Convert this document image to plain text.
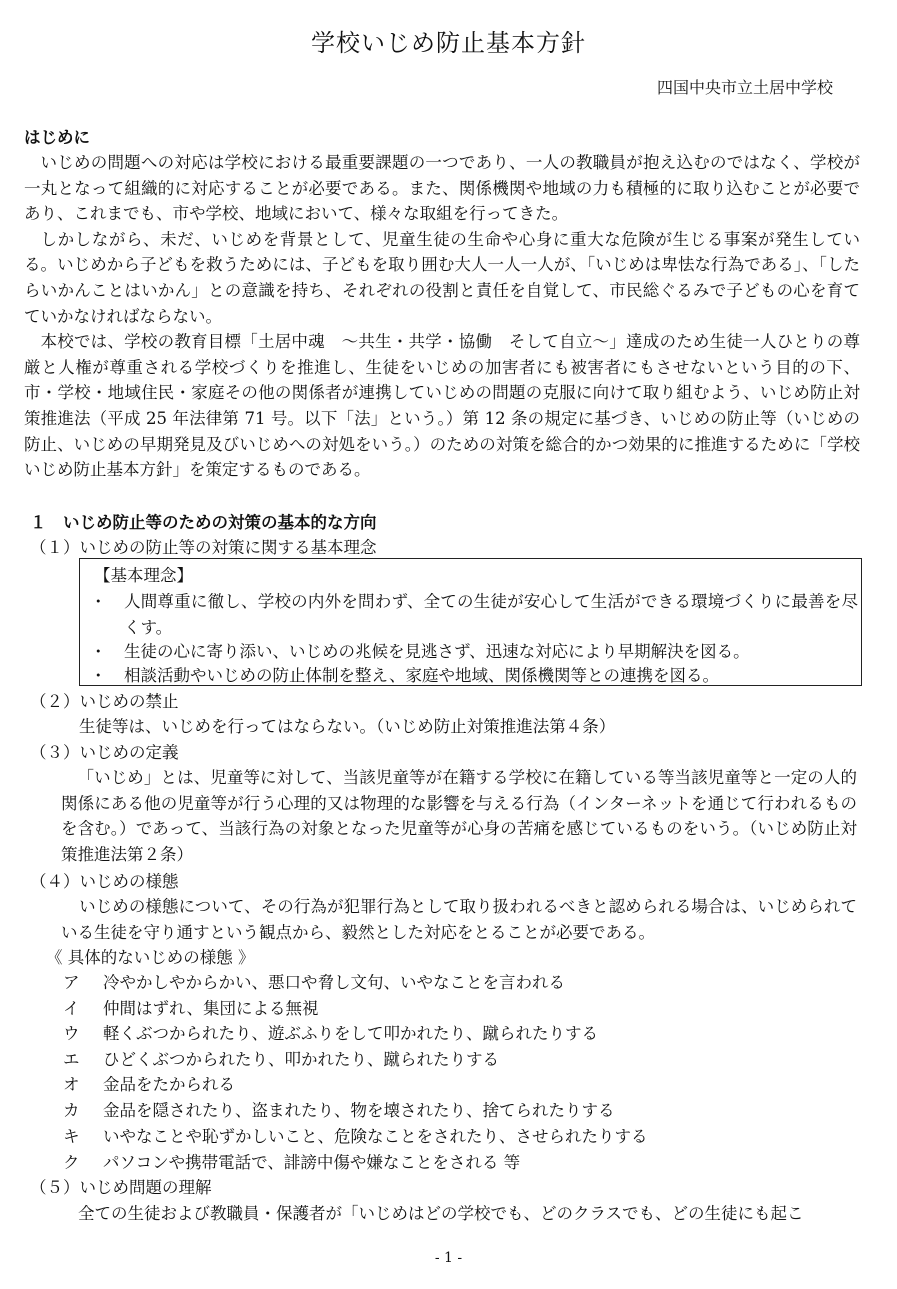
学校いじめ防止基本方針
四国中央市立土居中学校
はじめに

いじめの問題への対応は学校における最重要課題の一つであり、一人の教職員が抱え込むのではなく、学校が一丸となって組織的に対応することが必要である。また、関係機関や地域の力も積極的に取り込むことが必要であり、これまでも、市や学校、地域において、様々な取組を行ってきた。

しかしながら、未だ、いじめを背景として、児童生徒の生命や心身に重大な危険が生じる事案が発生している。いじめから子どもを救うためには、子どもを取り囲む大人一人一人が、「いじめは卑怯な行為である」、「したらいかんことはいかん」との意識を持ち、それぞれの役割と責任を自覚して、市民総ぐるみで子どもの心を育てていかなければならない。

本校では、学校の教育目標「土居中魂　～共生・共学・協働　そして自立～」達成のため生徒一人ひとりの尊厳と人権が尊重される学校づくりを推進し、生徒をいじめの加害者にも被害者にもさせないという目的の下、市・学校・地域住民・家庭その他の関係者が連携していじめの問題の克服に向けて取り組むよう、いじめ防止対策推進法（平成 25 年法律第 71 号。以下「法」という。）第 12 条の規定に基づき、いじめの防止等（いじめの防止、いじめの早期発見及びいじめへの対処をいう。）のための対策を総合的かつ効果的に推進するために「学校いじめ防止基本方針」を策定するものである。

１　いじめ防止等のための対策の基本的な方向
（１）いじめの防止等の対策に関する基本理念
【基本理念】
・	人間尊重に徹し、学校の内外を問わず、全ての生徒が安心して生活ができる環境づくりに最善を尽くす。
・	生徒の心に寄り添い、いじめの兆候を見逃さず、迅速な対応により早期解決を図る。
・	相談活動やいじめの防止体制を整え、家庭や地域、関係機関等との連携を図る。
（２）いじめの禁止
生徒等は、いじめを行ってはならない。（いじめ防止対策推進法第４条）
（３）いじめの定義

「いじめ」とは、児童等に対して、当該児童等が在籍する学校に在籍している等当該児童等と一定の人的関係にある他の児童等が行う心理的又は物理的な影響を与える行為（インターネットを通じて行われるものを含む。）であって、当該行為の対象となった児童等が心身の苦痛を感じているものをいう。（いじめ防止対策推進法第２条）

（４）いじめの様態

いじめの様態について、その行為が犯罪行為として取り扱われるべきと認められる場合は、いじめられている生徒を守り通すという観点から、毅然とした対応をとることが必要である。

《 具体的ないじめの様態 》
ア	冷やかしやからかい、悪口や脅し文句、いやなことを言われる
イ	仲間はずれ、集団による無視
ウ	軽くぶつかられたり、遊ぶふりをして叩かれたり、蹴られたりする
エ	ひどくぶつかられたり、叩かれたり、蹴られたりする
オ	金品をたかられる
カ	金品を隠されたり、盗まれたり、物を壊されたり、捨てられたりする
キ	いやなことや恥ずかしいこと、危険なことをされたり、させられたりする
ク	パソコンや携帯電話で、誹謗中傷や嫌なことをされる 等
（５）いじめ問題の理解
全ての生徒および教職員・保護者が「いじめはどの学校でも、どのクラスでも、どの生徒にも起こ
- 1 -
